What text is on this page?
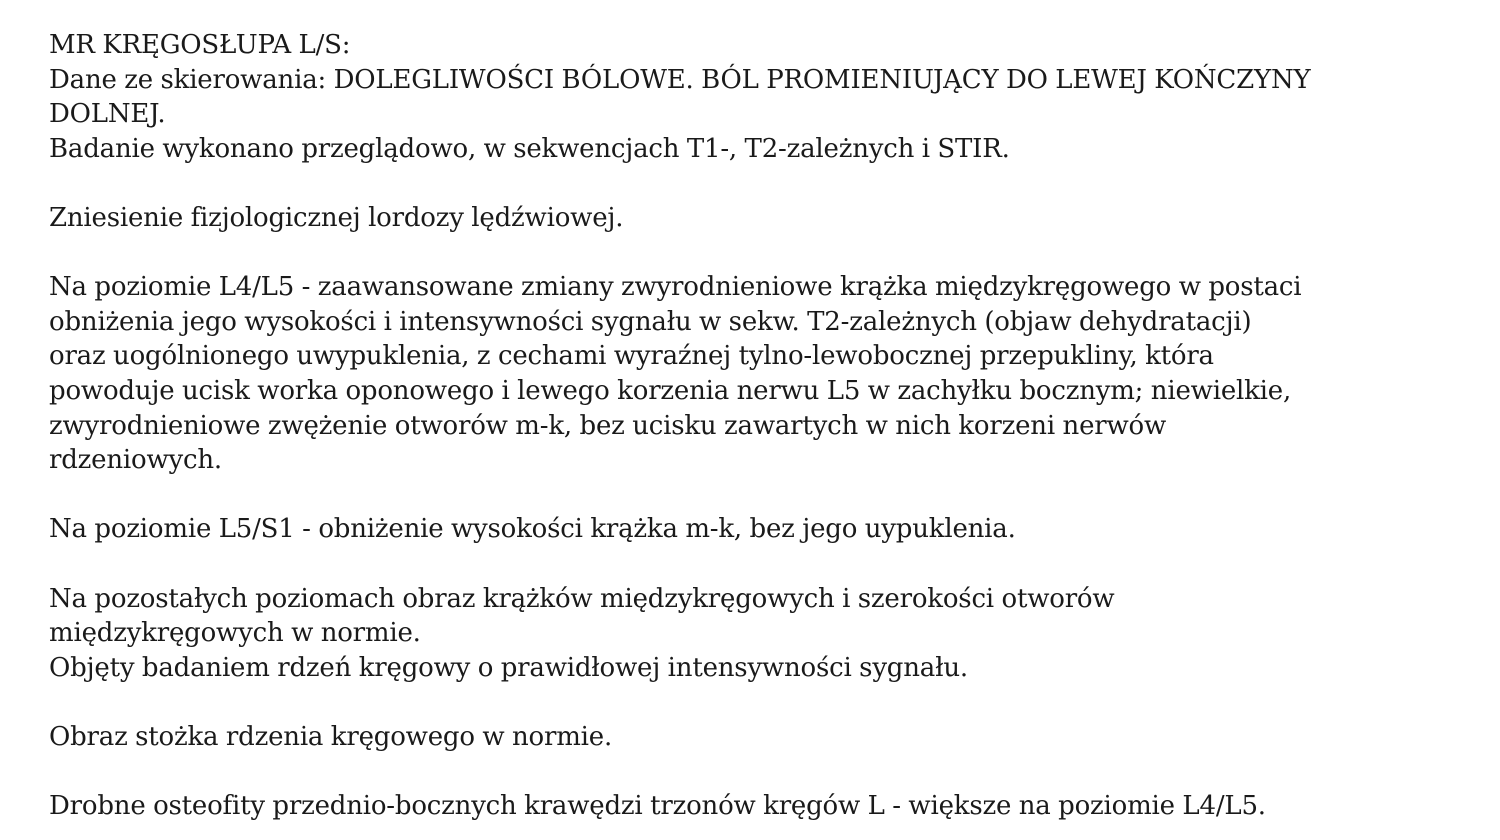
MR KRĘGOSŁUPA L/S:
Dane ze skierowania: DOLEGLIWOŚCI BÓLOWE. BÓL PROMIENIUJĄCY DO LEWEJ KOŃCZYNY
DOLNEJ.
Badanie wykonano przeglądowo, w sekwencjach T1-, T2-zależnych i STIR.
Zniesienie fizjologicznej lordozy lędźwiowej.
Na poziomie L4/L5 - zaawansowane zmiany zwyrodnieniowe krążka międzykręgowego w postaci
obniżenia jego wysokości i intensywności sygnału w sekw. T2-zależnych (objaw dehydratacji)
oraz uogólnionego uwypuklenia, z cechami wyraźnej tylno-lewobocznej przepukliny, która
powoduje ucisk worka oponowego i lewego korzenia nerwu L5 w zachyłku bocznym; niewielkie,
zwyrodnieniowe zwężenie otworów m-k, bez ucisku zawartych w nich korzeni nerwów
rdzeniowych.
Na poziomie L5/S1 - obniżenie wysokości krążka m-k, bez jego uypuklenia.
Na pozostałych poziomach obraz krążków międzykręgowych i szerokości otworów
międzykręgowych w normie.
Objęty badaniem rdzeń kręgowy o prawidłowej intensywności sygnału.
Obraz stożka rdzenia kręgowego w normie.
Drobne osteofity przednio-bocznych krawędzi trzonów kręgów L - większe na poziomie L4/L5.
